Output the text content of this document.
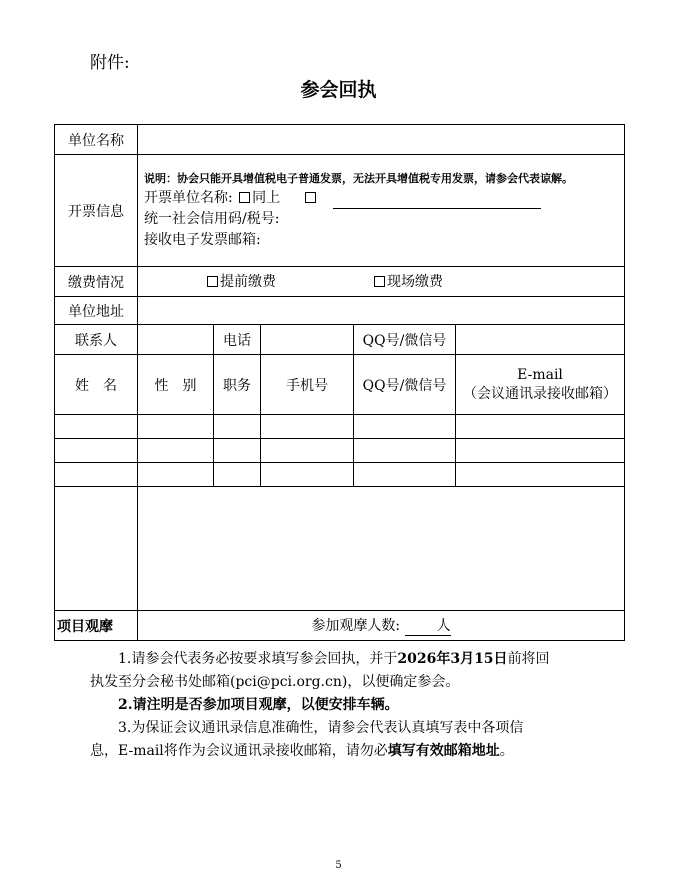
附件:
参会回执
单位名称					
开票信息	说明：协会只能开具增值税电子普通发票，无法开具增值税专用发票，请参会代表谅解。
开票单位名称: 同上
统一社会信用码/税号:
接收电子发票邮箱:				

缴费情况	提前缴费 现场缴费				

单位地址					
联系人		电话		QQ号/微信号	
姓　名	性　别	职务	手机号	QQ号/微信号	E-mail
（会议通讯录接收邮箱）

项目观摩	参加观摩人数: 人				

1.请参会代表务必按要求填写参会回执，并于2026年3月15日前将回

执发至分会秘书处邮箱(pci@pci.org.cn)，以便确定参会。

2.请注明是否参加项目观摩，以便安排车辆。

3.为保证会议通讯录信息准确性，请参会代表认真填写表中各项信

息，E-mail将作为会议通讯录接收邮箱，请勿必填写有效邮箱地址。

5
